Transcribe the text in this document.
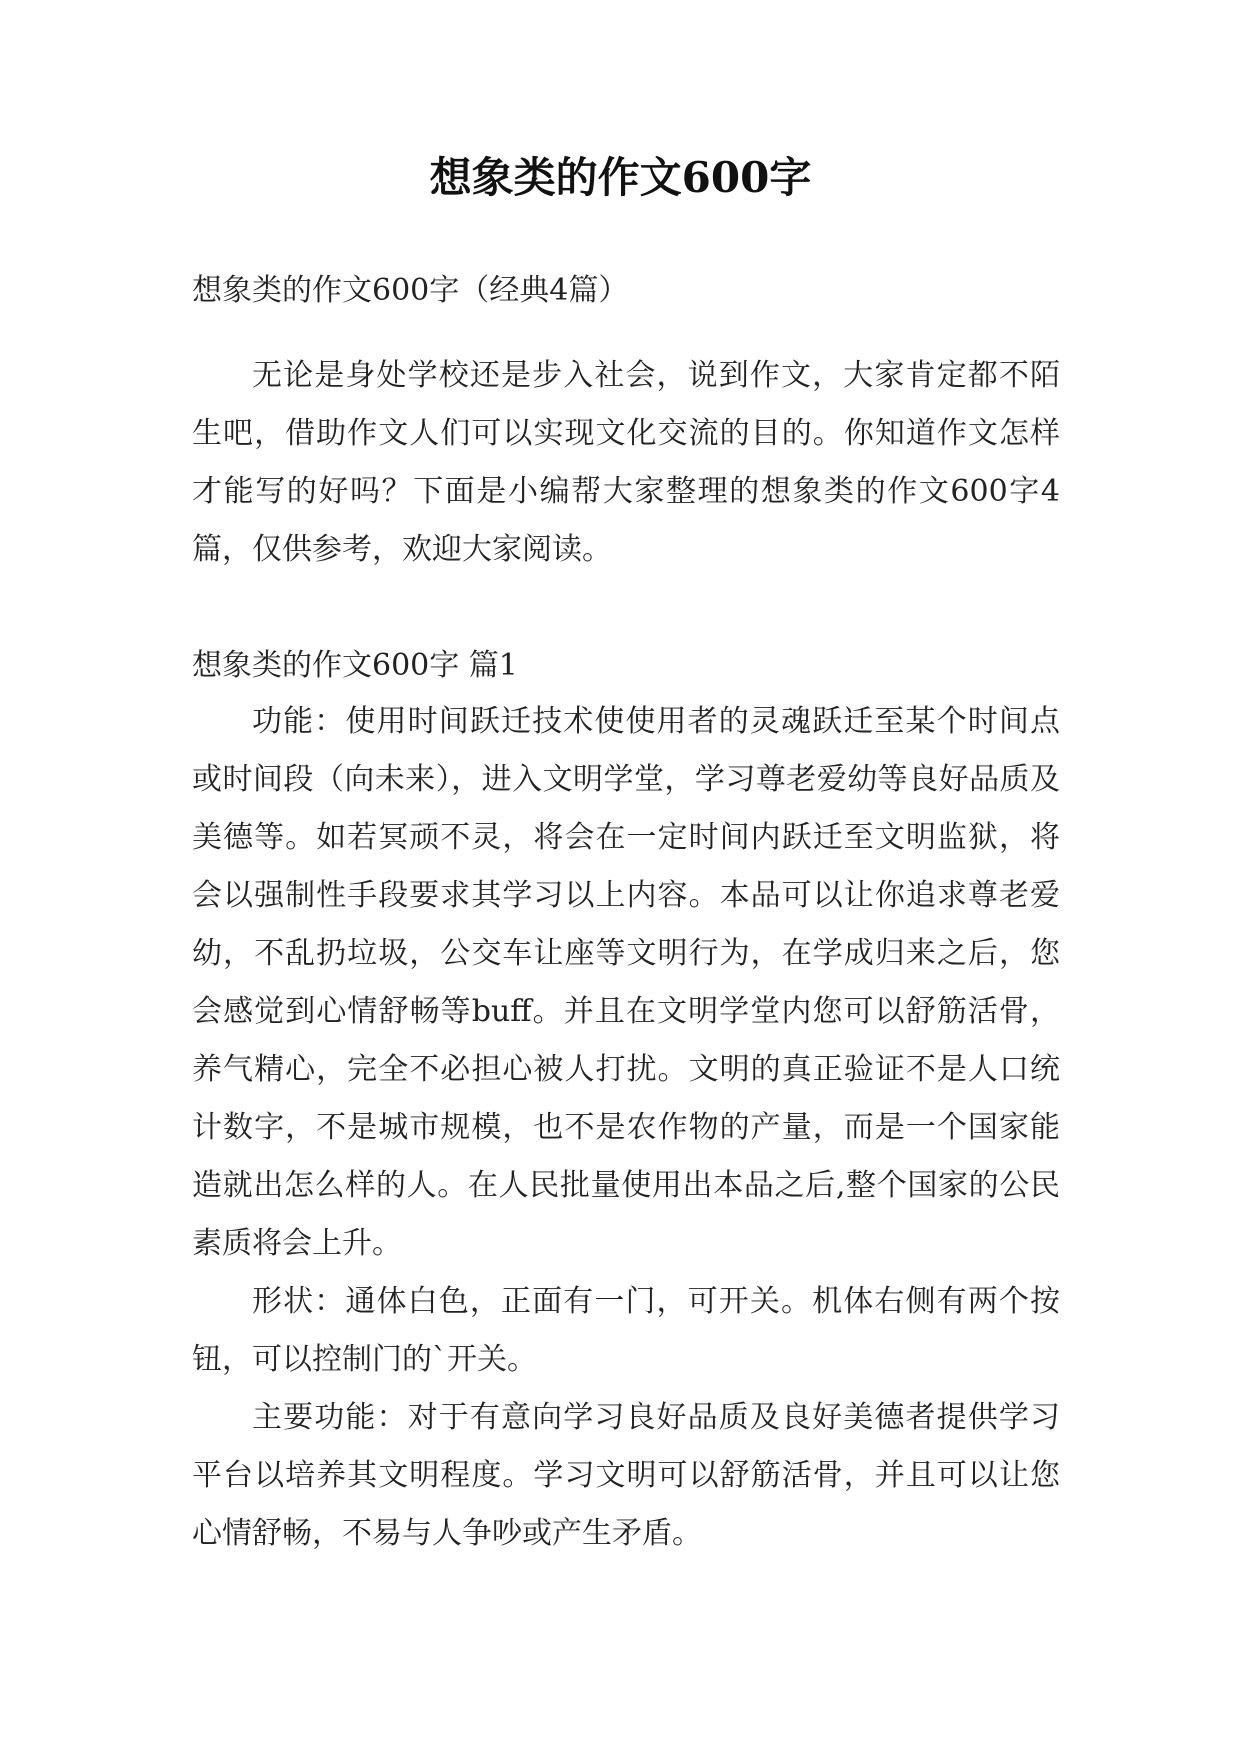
想象类的作文600字

想象类的作文600字（经典4篇）

无论是身处学校还是步入社会，说到作文，大家肯定都不陌生吧，借助作文人们可以实现文化交流的目的。你知道作文怎样才能写的好吗？下面是小编帮大家整理的想象类的作文600字4篇，仅供参考，欢迎大家阅读。

想象类的作文600字 篇1

功能：使用时间跃迁技术使使用者的灵魂跃迁至某个时间点或时间段（向未来），进入文明学堂，学习尊老爱幼等良好品质及美德等。如若冥顽不灵，将会在一定时间内跃迁至文明监狱，将会以强制性手段要求其学习以上内容。本品可以让你追求尊老爱幼，不乱扔垃圾，公交车让座等文明行为，在学成归来之后，您会感觉到心情舒畅等buff。并且在文明学堂内您可以舒筋活骨，养气精心，完全不必担心被人打扰。文明的真正验证不是人口统计数字，不是城市规模，也不是农作物的产量，而是一个国家能造就出怎么样的人。在人民批量使用出本品之后,整个国家的公民素质将会上升。

形状：通体白色，正面有一门，可开关。机体右侧有两个按钮，可以控制门的`开关。

主要功能：对于有意向学习良好品质及良好美德者提供学习平台以培养其文明程度。学习文明可以舒筋活骨，并且可以让您心情舒畅，不易与人争吵或产生矛盾。
